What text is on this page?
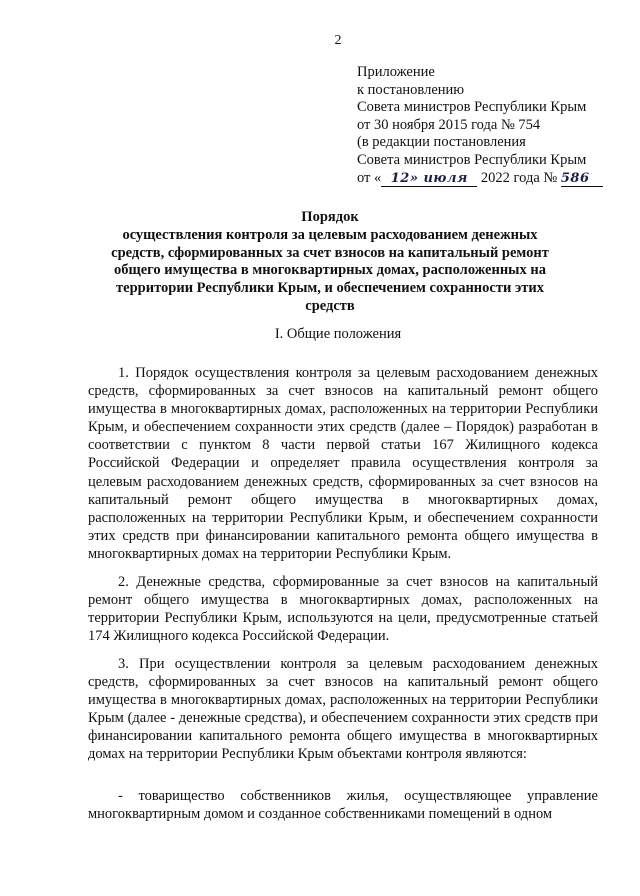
2
Приложение
к постановлению
Совета министров Республики Крым
от 30 ноября 2015 года № 754
(в редакции постановления
Совета министров Республики Крым
от « 12» июля 2022 года № 586
Порядок
осуществления контроля за целевым расходованием денежных средств, сформированных за счет взносов на капитальный ремонт общего имущества в многоквартирных домах, расположенных на территории Республики Крым, и обеспечением сохранности этих средств
I. Общие положения

1. Порядок осуществления контроля за целевым расходованием денежных средств, сформированных за счет взносов на капитальный ремонт общего имущества в многоквартирных домах, расположенных на территории Республики Крым, и обеспечением сохранности этих средств (далее – Порядок) разработан в соответствии с пунктом 8 части первой статьи 167 Жилищного кодекса Российской Федерации и определяет правила осуществления контроля за целевым расходованием денежных средств, сформированных за счет взносов на капитальный ремонт общего имущества в многоквартирных домах, расположенных на территории Республики Крым, и обеспечением сохранности этих средств при финансировании капитального ремонта общего имущества в многоквартирных домах на территории Республики Крым.

2. Денежные средства, сформированные за счет взносов на капитальный ремонт общего имущества в многоквартирных домах, расположенных на территории Республики Крым, используются на цели, предусмотренные статьей 174 Жилищного кодекса Российской Федерации.

3. При осуществлении контроля за целевым расходованием денежных средств, сформированных за счет взносов на капитальный ремонт общего имущества в многоквартирных домах, расположенных на территории Республики Крым (далее - денежные средства), и обеспечением сохранности этих средств при финансировании капитального ремонта общего имущества в многоквартирных домах на территории Республики Крым объектами контроля являются:

- товарищество собственников жилья, осуществляющее управление многоквартирным домом и созданное собственниками помещений в одном
